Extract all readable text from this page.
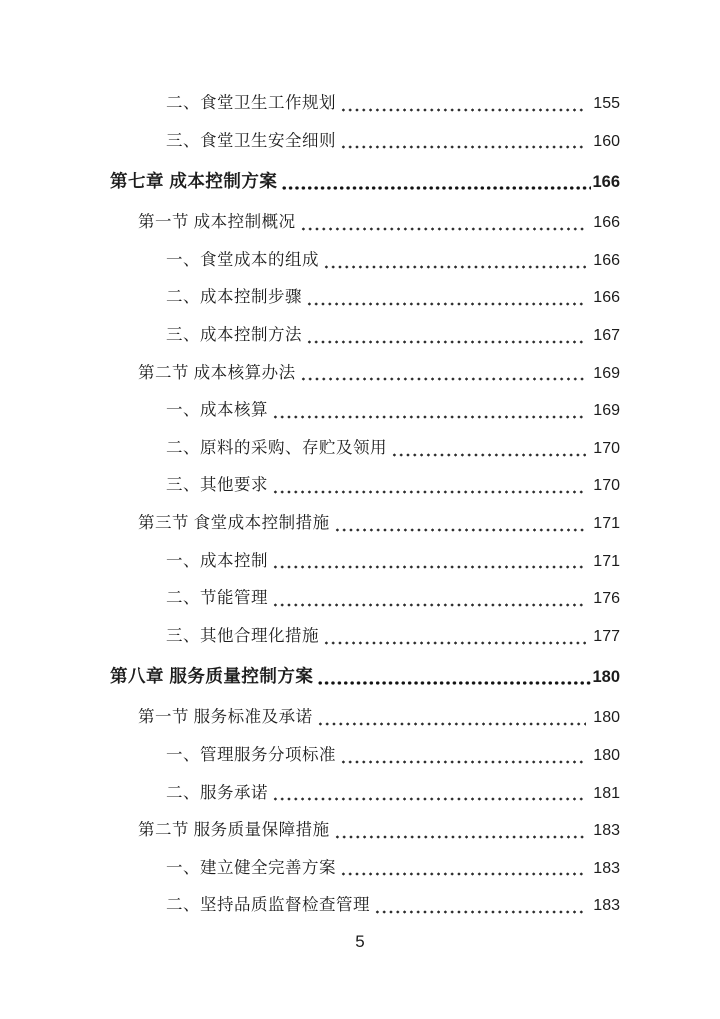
二、食堂卫生工作规划	155
三、食堂卫生安全细则	160
第七章 成本控制方案	166
第一节 成本控制概况	166
一、食堂成本的组成	166
二、成本控制步骤	166
三、成本控制方法	167
第二节 成本核算办法	169
一、成本核算	169
二、原料的采购、存贮及领用	170
三、其他要求	170
第三节 食堂成本控制措施	171
一、成本控制	171
二、节能管理	176
三、其他合理化措施	177
第八章 服务质量控制方案	180
第一节 服务标准及承诺	180
一、管理服务分项标准	180
二、服务承诺	181
第二节 服务质量保障措施	183
一、建立健全完善方案	183
二、坚持品质监督检查管理	183
5
